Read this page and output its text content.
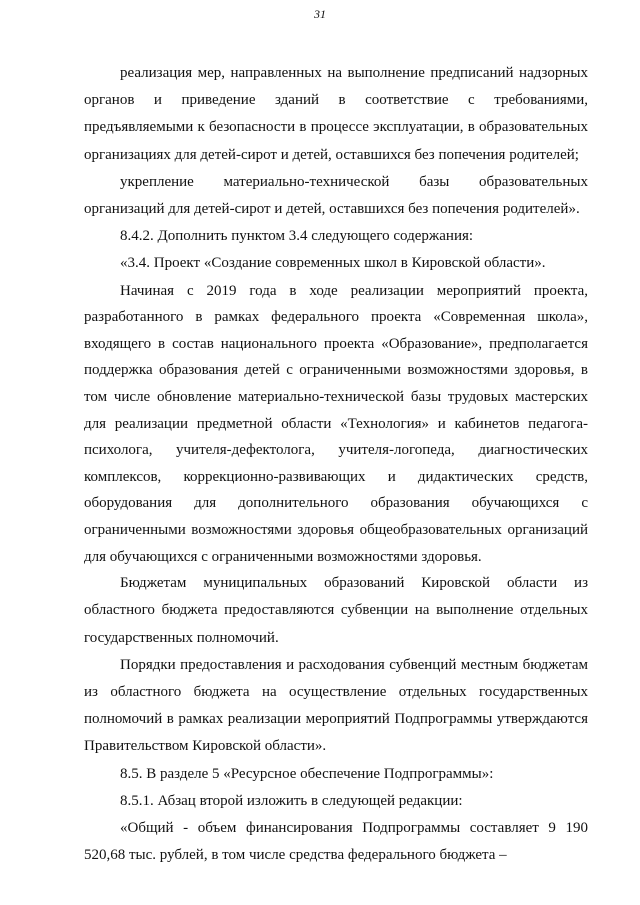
31

реализация мер, направленных на выполнение предписаний надзорных органов и приведение зданий в соответствие с требованиями, предъявляемыми к безопасности в процессе эксплуатации, в образовательных организациях для детей-сирот и детей, оставшихся без попечения родителей;

укрепление материально-технической базы образовательных организаций для детей-сирот и детей, оставшихся без попечения родителей».

8.4.2. Дополнить пунктом 3.4 следующего содержания:

«3.4. Проект «Создание современных школ в Кировской области».

Начиная с 2019 года в ходе реализации мероприятий проекта, разработанного в рамках федерального проекта «Современная школа», входящего в состав национального проекта «Образование», предполагается поддержка образования детей с ограниченными возможностями здоровья, в том числе обновление материально-технической базы трудовых мастерских для реализации предметной области «Технология» и кабинетов педагога-психолога, учителя-дефектолога, учителя-логопеда, диагностических комплексов, коррекционно-развивающих и дидактических средств, оборудования для дополнительного образования обучающихся с ограниченными возможностями здоровья общеобразовательных организаций для обучающихся с ограниченными возможностями здоровья.

Бюджетам муниципальных образований Кировской области из областного бюджета предоставляются субвенции на выполнение отдельных государственных полномочий.

Порядки предоставления и расходования субвенций местным бюджетам из областного бюджета на осуществление отдельных государственных полномочий в рамках реализации мероприятий Подпрограммы утверждаются Правительством Кировской области».

8.5. В разделе 5 «Ресурсное обеспечение Подпрограммы»:

8.5.1. Абзац второй изложить в следующей редакции:

«Общий - объем финансирования Подпрограммы составляет 9 190 520,68 тыс. рублей, в том числе средства федерального бюджета –
